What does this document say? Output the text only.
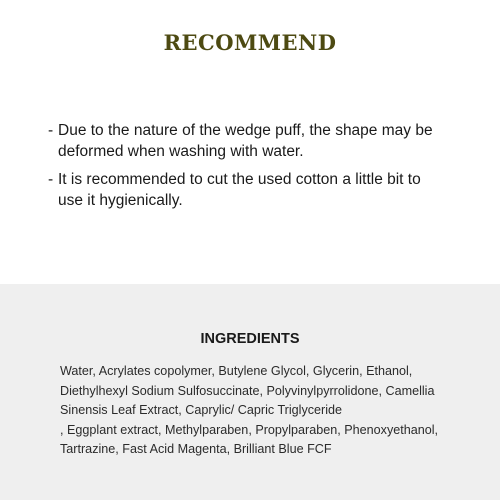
RECOMMEND
- Due to the nature of the wedge puff, the shape may be
deformed when washing with water.
- It is recommended to cut the used cotton a little bit to
use it hygienically.
INGREDIENTS

Water, Acrylates copolymer, Butylene Glycol, Glycerin, Ethanol,
Diethylhexyl Sodium Sulfosuccinate, Polyvinylpyrrolidone, Camellia
Sinensis Leaf Extract, Caprylic/ Capric Triglyceride
, Eggplant extract, Methylparaben, Propylparaben, Phenoxyethanol,
Tartrazine, Fast Acid Magenta, Brilliant Blue FCF
